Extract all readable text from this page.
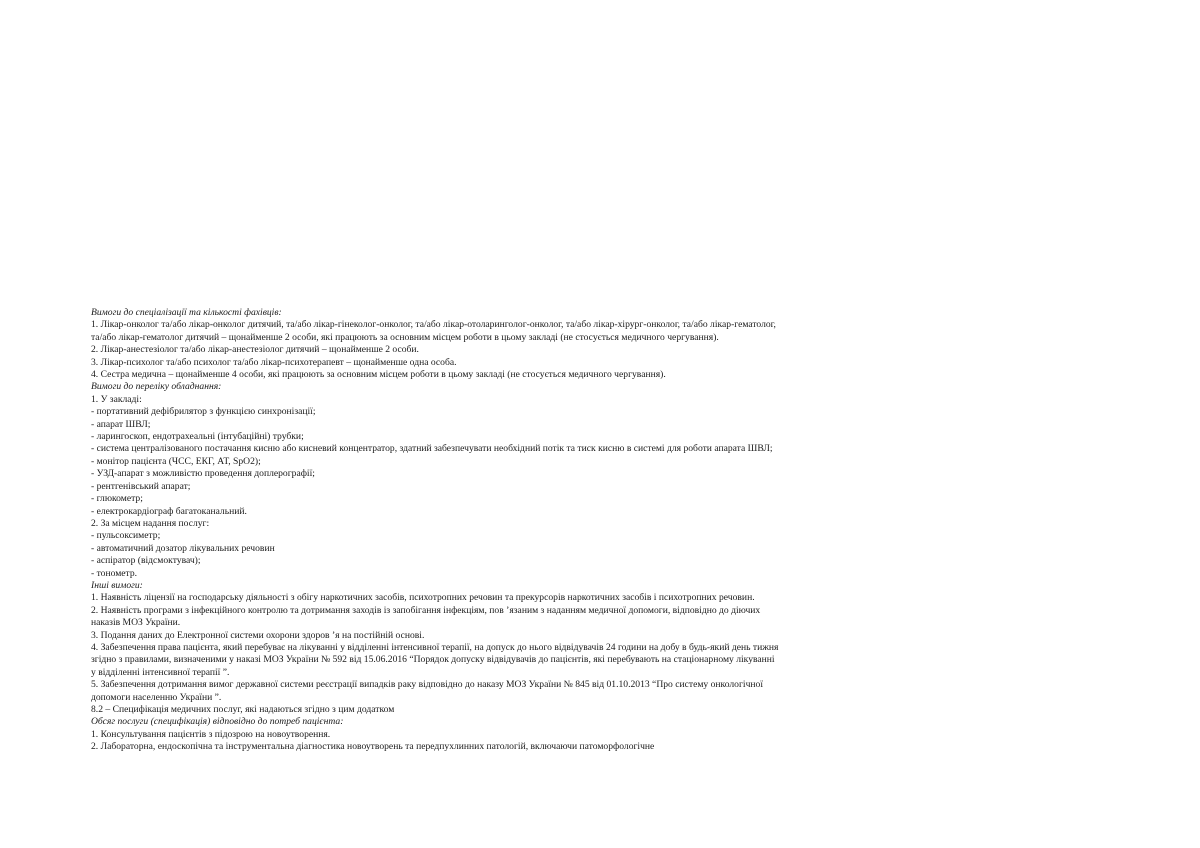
Вимоги до спеціалізації та кількості фахівців:

1. Лікар-онколог та/або лікар-онколог дитячий, та/або лікар-гінеколог-онколог, та/або лікар-отоларинголог-онколог, та/або лікар-хірург-онколог, та/або лікар-гематолог, та/або лікар-гематолог дитячий – щонайменше 2 особи, які працюють за основним місцем роботи в цьому закладі (не стосується медичного чергування).

2. Лікар-анестезіолог та/або лікар-анестезіолог дитячий – щонайменше 2 особи.

3. Лікар-психолог та/або психолог та/або лікар-психотерапевт – щонайменше одна особа.

4. Сестра медична – щонайменше 4 особи, які працюють за основним місцем роботи в цьому закладі (не стосується медичного чергування).

Вимоги до переліку обладнання:

1. У закладі:

- портативний дефібрилятор з функцією синхронізації;

- апарат ШВЛ;

- ларингоскоп, ендотрахеальні (інтубаційні) трубки;

- система централізованого постачання кисню або кисневий концентратор, здатний забезпечувати необхідний потік та тиск кисню в системі для роботи апарата ШВЛ;

- монітор пацієнта (ЧСС, ЕКГ, АТ, SpO2);

- УЗД-апарат з можливістю проведення доплерографії;

- рентгенівський апарат;

- глюкометр;

- електрокардіограф багатоканальний.

2. За місцем надання послуг:

- пульсоксиметр;

- автоматичний дозатор лікувальних речовин

- аспіратор (відсмоктувач);

- тонометр.

Інші вимоги:

1. Наявність ліцензії на господарську діяльності з обігу наркотичних засобів, психотропних речовин та прекурсорів наркотичних засобів і психотропних речовин.

2. Наявність програми з інфекційного контролю та дотримання заходів із запобігання інфекціям, пов ʼязаним з наданням медичної допомоги, відповідно до діючих наказів МОЗ України.

3. Подання даних до Електронної системи охорони здоров ʼя на постійній основі.

4. Забезпечення права пацієнта, який перебуває на лікуванні у відділенні інтенсивної терапії, на допуск до нього відвідувачів 24 години на добу в будь-який день тижня згідно з правилами, визначеними у наказі МОЗ України № 592 від 15.06.2016 “Порядок допуску відвідувачів до пацієнтів, які перебувають на стаціонарному лікуванні у відділенні інтенсивної терапії ”.

5. Забезпечення дотримання вимог державної системи реєстрації випадків раку відповідно до наказу МОЗ України № 845 від 01.10.2013 “Про систему онкологічної допомоги населенню України ”.

8.2 – Специфікація медичних послуг, які надаються згідно з цим додатком

Обсяг послуги (специфікація) відповідно до потреб пацієнта:

1. Консультування пацієнтів з підозрою на новоутворення.

2. Лабораторна, ендоскопічна та інструментальна діагностика новоутворень та передпухлинних патологій, включаючи патоморфологічне
